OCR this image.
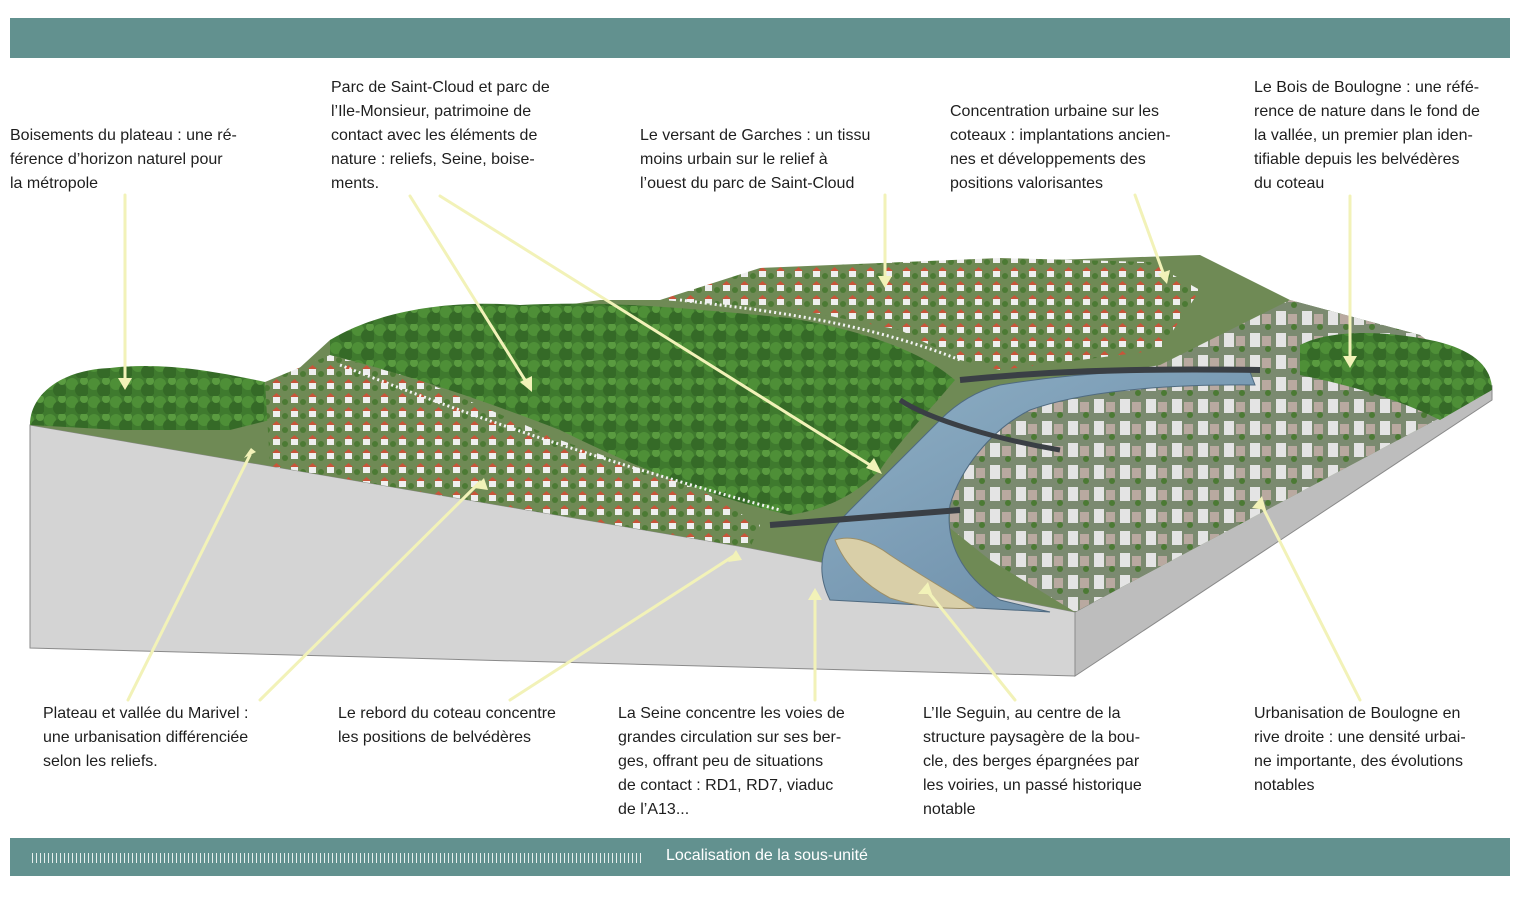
Boisements du plateau : une ré-
férence d’horizon naturel pour
la métropole
Parc de Saint-Cloud et parc de
l’Ile-Monsieur, patrimoine de
contact avec les éléments de
nature : reliefs, Seine, boise-
ments.
Le versant de Garches : un tissu
moins urbain sur le relief à
l’ouest du parc de Saint-Cloud
Concentration urbaine sur les
coteaux : implantations ancien-
nes et développements des
positions valorisantes
Le Bois de Boulogne : une réfé-
rence de nature dans le fond de
la vallée, un premier plan iden-
tifiable depuis les belvédères
du coteau
Plateau et vallée du Marivel :
une urbanisation différenciée
selon les reliefs.
Le rebord du coteau concentre
les positions de belvédères
La Seine concentre les voies de
grandes circulation sur ses ber-
ges, offrant peu de situations
de contact : RD1, RD7, viaduc
de l’A13...
L’Ile Seguin, au centre de la
structure paysagère de la bou-
cle, des berges épargnées par
les voiries, un passé historique
notable
Urbanisation de Boulogne en
rive droite : une densité urbai-
ne importante, des évolutions
notables
Localisation de la sous-unité
